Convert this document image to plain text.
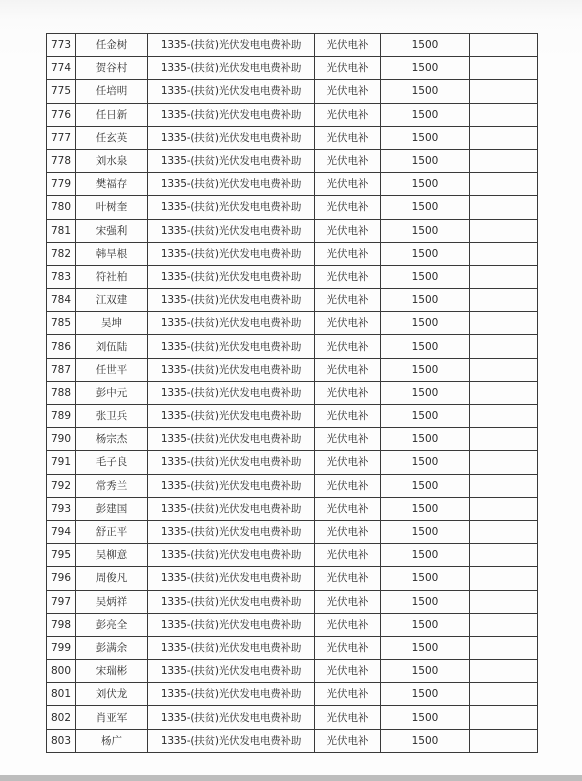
773	任金树	1335-(扶贫)光伏发电电费补助	光伏电补	1500	
774	贺谷村	1335-(扶贫)光伏发电电费补助	光伏电补	1500	
775	任培明	1335-(扶贫)光伏发电电费补助	光伏电补	1500	
776	任日新	1335-(扶贫)光伏发电电费补助	光伏电补	1500	
777	任玄英	1335-(扶贫)光伏发电电费补助	光伏电补	1500	
778	刘水泉	1335-(扶贫)光伏发电电费补助	光伏电补	1500	
779	樊福存	1335-(扶贫)光伏发电电费补助	光伏电补	1500	
780	叶树奎	1335-(扶贫)光伏发电电费补助	光伏电补	1500	
781	宋强利	1335-(扶贫)光伏发电电费补助	光伏电补	1500	
782	韩旱根	1335-(扶贫)光伏发电电费补助	光伏电补	1500	
783	符社柏	1335-(扶贫)光伏发电电费补助	光伏电补	1500	
784	江双建	1335-(扶贫)光伏发电电费补助	光伏电补	1500	
785	吴坤	1335-(扶贫)光伏发电电费补助	光伏电补	1500	
786	刘伍陆	1335-(扶贫)光伏发电电费补助	光伏电补	1500	
787	任世平	1335-(扶贫)光伏发电电费补助	光伏电补	1500	
788	彭中元	1335-(扶贫)光伏发电电费补助	光伏电补	1500	
789	张卫兵	1335-(扶贫)光伏发电电费补助	光伏电补	1500	
790	杨宗杰	1335-(扶贫)光伏发电电费补助	光伏电补	1500	
791	毛子良	1335-(扶贫)光伏发电电费补助	光伏电补	1500	
792	常秀兰	1335-(扶贫)光伏发电电费补助	光伏电补	1500	
793	彭建国	1335-(扶贫)光伏发电电费补助	光伏电补	1500	
794	舒正平	1335-(扶贫)光伏发电电费补助	光伏电补	1500	
795	吴柳意	1335-(扶贫)光伏发电电费补助	光伏电补	1500	
796	周俊凡	1335-(扶贫)光伏发电电费补助	光伏电补	1500	
797	吴炳祥	1335-(扶贫)光伏发电电费补助	光伏电补	1500	
798	彭亮全	1335-(扶贫)光伏发电电费补助	光伏电补	1500	
799	彭满余	1335-(扶贫)光伏发电电费补助	光伏电补	1500	
800	宋瑞彬	1335-(扶贫)光伏发电电费补助	光伏电补	1500	
801	刘伏龙	1335-(扶贫)光伏发电电费补助	光伏电补	1500	
802	肖亚军	1335-(扶贫)光伏发电电费补助	光伏电补	1500	
803	杨广	1335-(扶贫)光伏发电电费补助	光伏电补	1500	
